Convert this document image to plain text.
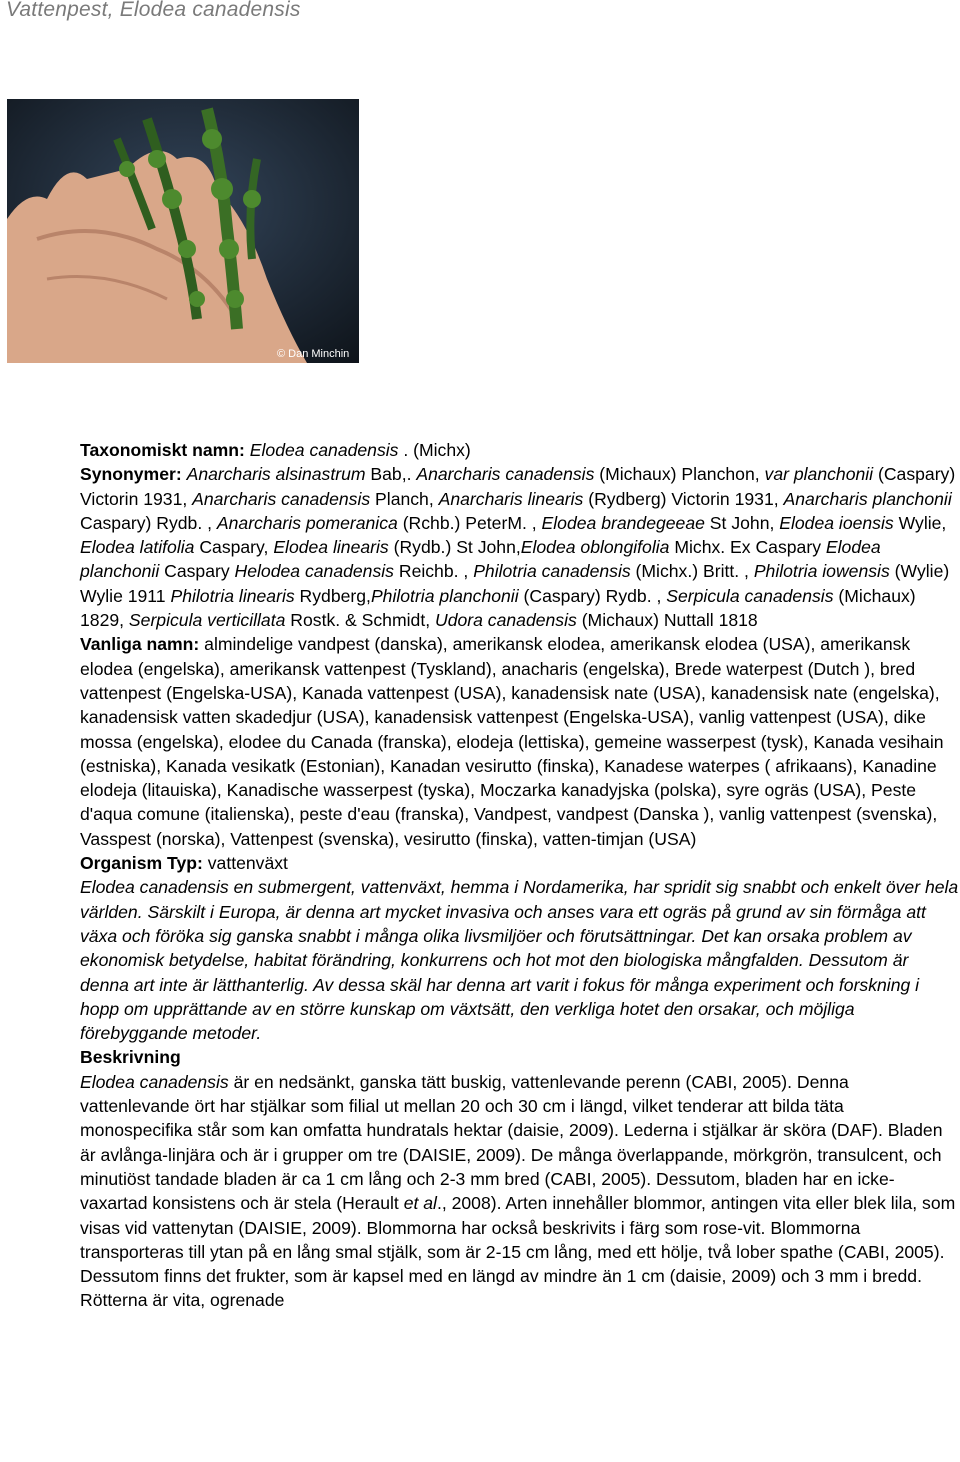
Vattenpest, Elodea canadensis
© Dan Minchin

Taxonomiskt namn: Elodea canadensis . (Michx)

Synonymer: Anarcharis alsinastrum Bab,. Anarcharis canadensis (Michaux) Planchon, var planchonii (Caspary) Victorin 1931, Anarcharis canadensis Planch, Anarcharis linearis (Rydberg) Victorin 1931, Anarcharis planchonii Caspary) Rydb. , Anarcharis pomeranica (Rchb.) PeterM. , Elodea brandegeeae St John, Elodea ioensis Wylie, Elodea latifolia Caspary, Elodea linearis (Rydb.) St John,Elodea oblongifolia Michx. Ex Caspary Elodea planchonii Caspary Helodea canadensis Reichb. , Philotria canadensis (Michx.) Britt. , Philotria iowensis (Wylie) Wylie 1911 Philotria linearis Rydberg,Philotria planchonii (Caspary) Rydb. , Serpicula canadensis (Michaux) 1829, Serpicula verticillata Rostk. & Schmidt, Udora canadensis (Michaux) Nuttall 1818

Vanliga namn: almindelige vandpest (danska), amerikansk elodea, amerikansk elodea (USA), amerikansk elodea (engelska), amerikansk vattenpest (Tyskland), anacharis (engelska), Brede waterpest (Dutch ), bred vattenpest (Engelska-USA), Kanada vattenpest (USA), kanadensisk nate (USA), kanadensisk nate (engelska), kanadensisk vatten skadedjur (USA), kanadensisk vattenpest (Engelska-USA), vanlig vattenpest (USA), dike mossa (engelska), elodee du Canada (franska), elodeja (lettiska), gemeine wasserpest (tysk), Kanada vesihain (estniska), Kanada vesikatk (Estonian), Kanadan vesirutto (finska), Kanadese waterpes ( afrikaans), Kanadine elodeja (litauiska), Kanadische wasserpest (tyska), Moczarka kanadyjska (polska), syre ogräs (USA), Peste d'aqua comune (italienska), peste d'eau (franska), Vandpest, vandpest (Danska ), vanlig vattenpest (svenska), Vasspest (norska), Vattenpest (svenska), vesirutto (finska), vatten-timjan (USA)

Organism Typ: vattenväxt

Elodea canadensis en submergent, vattenväxt, hemma i Nordamerika, har spridit sig snabbt och enkelt över hela världen. Särskilt i Europa, är denna art mycket invasiva och anses vara ett ogräs på grund av sin förmåga att växa och föröka sig ganska snabbt i många olika livsmiljöer och förutsättningar. Det kan orsaka problem av ekonomisk betydelse, habitat förändring, konkurrens och hot mot den biologiska mångfalden. Dessutom är denna art inte är lätthanterlig. Av dessa skäl har denna art varit i fokus för många experiment och forskning i hopp om upprättande av en större kunskap om växtsätt, den verkliga hotet den orsakar, och möjliga förebyggande metoder.

Beskrivning

Elodea canadensis är en nedsänkt, ganska tätt buskig, vattenlevande perenn (CABI, 2005). Denna vattenlevande ört har stjälkar som filial ut mellan 20 och 30 cm i längd, vilket tenderar att bilda täta monospecifika står som kan omfatta hundratals hektar (daisie, 2009). Lederna i stjälkar är sköra (DAF). Bladen är avlånga-linjära och är i grupper om tre (DAISIE, 2009). De många överlappande, mörkgrön, transulcent, och minutiöst tandade bladen är ca 1 cm lång och 2-3 mm bred (CABI, 2005). Dessutom, bladen har en icke-vaxartad konsistens och är stela (Herault et al., 2008). Arten innehåller blommor, antingen vita eller blek lila, som visas vid vattenytan (DAISIE, 2009). Blommorna har också beskrivits i färg som rose-vit. Blommorna transporteras till ytan på en lång smal stjälk, som är 2-15 cm lång, med ett hölje, två lober spathe (CABI, 2005). Dessutom finns det frukter, som är kapsel med en längd av mindre än 1 cm (daisie, 2009) och 3 mm i bredd. Rötterna är vita, ogrenade
